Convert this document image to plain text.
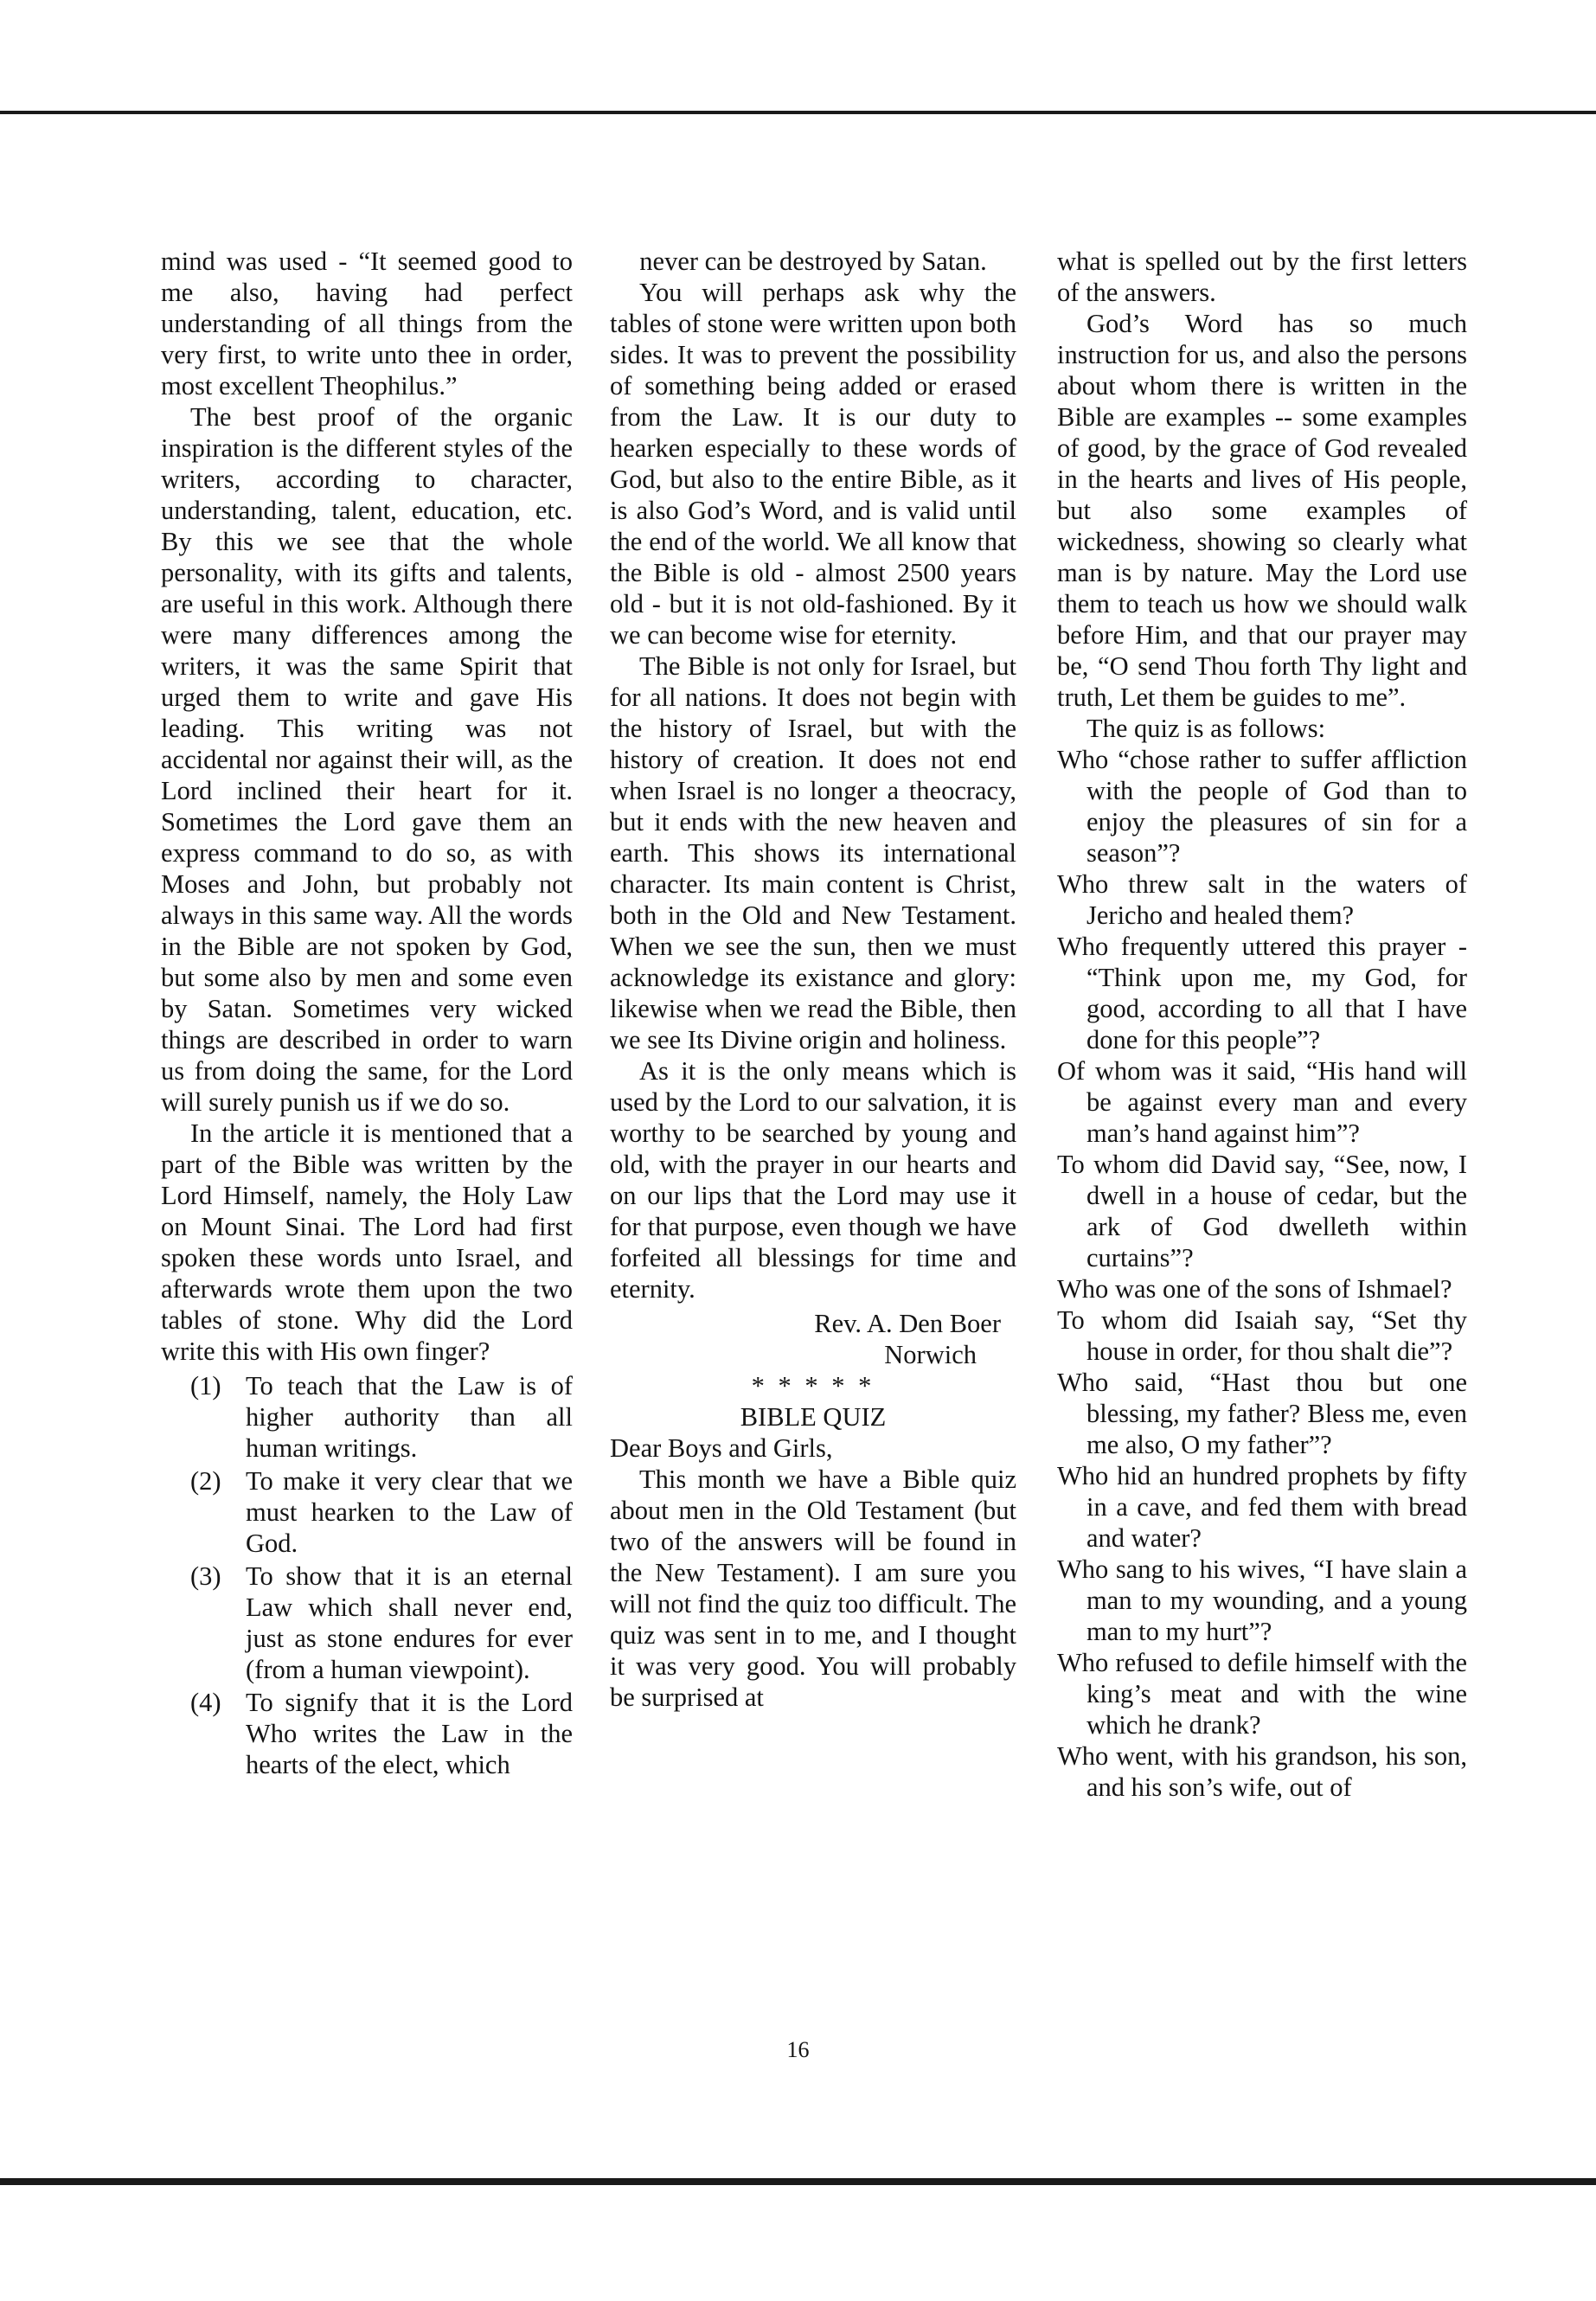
mind was used - “It seemed good to me also, having had perfect understanding of all things from the very first, to write unto thee in order, most excellent Theophilus.”

The best proof of the organic inspiration is the different styles of the writers, according to character, understanding, talent, education, etc. By this we see that the whole personality, with its gifts and talents, are useful in this work. Although there were many differences among the writers, it was the same Spirit that urged them to write and gave His leading. This writing was not accidental nor against their will, as the Lord inclined their heart for it. Sometimes the Lord gave them an express command to do so, as with Moses and John, but probably not always in this same way. All the words in the Bible are not spoken by God, but some also by men and some even by Satan. Sometimes very wicked things are described in order to warn us from doing the same, for the Lord will surely punish us if we do so.

In the article it is mentioned that a part of the Bible was written by the Lord Himself, namely, the Holy Law on Mount Sinai. The Lord had first spoken these words unto Israel, and afterwards wrote them upon the two tables of stone. Why did the Lord write this with His own finger?

(1) To teach that the Law is of higher authority than all human writings.
(2) To make it very clear that we must hearken to the Law of God.
(3) To show that it is an eternal Law which shall never end, just as stone endures for ever (from a human viewpoint).
(4) To signify that it is the Lord Who writes the Law in the hearts of the elect, which

never can be destroyed by Satan.

You will perhaps ask why the tables of stone were written upon both sides. It was to prevent the possibility of something being added or erased from the Law. It is our duty to hearken especially to these words of God, but also to the entire Bible, as it is also God’s Word, and is valid until the end of the world. We all know that the Bible is old - almost 2500 years old - but it is not old-fashioned. By it we can become wise for eternity.

The Bible is not only for Israel, but for all nations. It does not begin with the history of Israel, but with the history of creation. It does not end when Israel is no longer a theocracy, but it ends with the new heaven and earth. This shows its international character. Its main content is Christ, both in the Old and New Testament. When we see the sun, then we must acknowledge its existance and glory: likewise when we read the Bible, then we see Its Divine origin and holiness.

As it is the only means which is used by the Lord to our salvation, it is worthy to be searched by young and old, with the prayer in our hearts and on our lips that the Lord may use it for that purpose, even though we have forfeited all blessings for time and eternity.

Rev. A. Den Boer
Norwich

* * * * *

BIBLE QUIZ

Dear Boys and Girls,

This month we have a Bible quiz about men in the Old Testament (but two of the answers will be found in the New Testament). I am sure you will not find the quiz too difficult. The quiz was sent in to me, and I thought it was very good. You will probably be surprised at

what is spelled out by the first letters of the answers.

God’s Word has so much instruction for us, and also the persons about whom there is written in the Bible are examples -- some examples of good, by the grace of God revealed in the hearts and lives of His people, but also some examples of wickedness, showing so clearly what man is by nature. May the Lord use them to teach us how we should walk before Him, and that our prayer may be, “O send Thou forth Thy light and truth, Let them be guides to me”.

The quiz is as follows:

Who “chose rather to suffer affliction with the people of God than to enjoy the pleasures of sin for a season”?

Who threw salt in the waters of Jericho and healed them?

Who frequently uttered this prayer - “Think upon me, my God, for good, according to all that I have done for this people”?

Of whom was it said, “His hand will be against every man and every man’s hand against him”?

To whom did David say, “See, now, I dwell in a house of cedar, but the ark of God dwelleth within curtains”?

Who was one of the sons of Ishmael?

To whom did Isaiah say, “Set thy house in order, for thou shalt die”?

Who said, “Hast thou but one blessing, my father? Bless me, even me also, O my father”?

Who hid an hundred prophets by fifty in a cave, and fed them with bread and water?

Who sang to his wives, “I have slain a man to my wounding, and a young man to my hurt”?

Who refused to defile himself with the king’s meat and with the wine which he drank?

Who went, with his grandson, his son, and his son’s wife, out of

16
